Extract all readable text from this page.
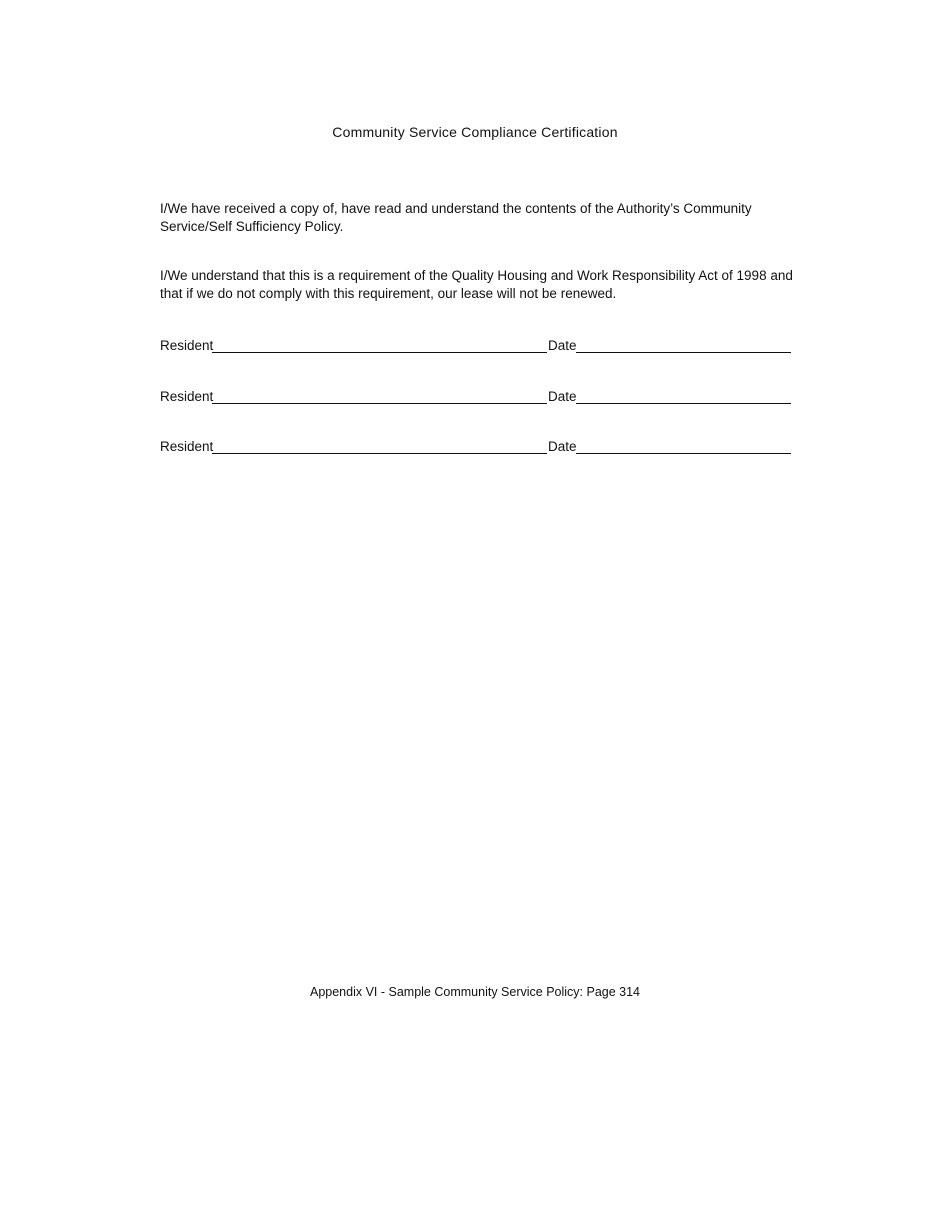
Community Service Compliance Certification
I/We have received a copy of, have read and understand the contents of the Authority’s Community Service/Self Sufficiency Policy.
I/We understand that this is a requirement of the Quality Housing and Work Responsibility Act of 1998 and that if we do not comply with this requirement, our lease will not be renewed.
Resident	Date
Resident	Date
Resident	Date
Appendix VI - Sample Community Service Policy: Page 314
